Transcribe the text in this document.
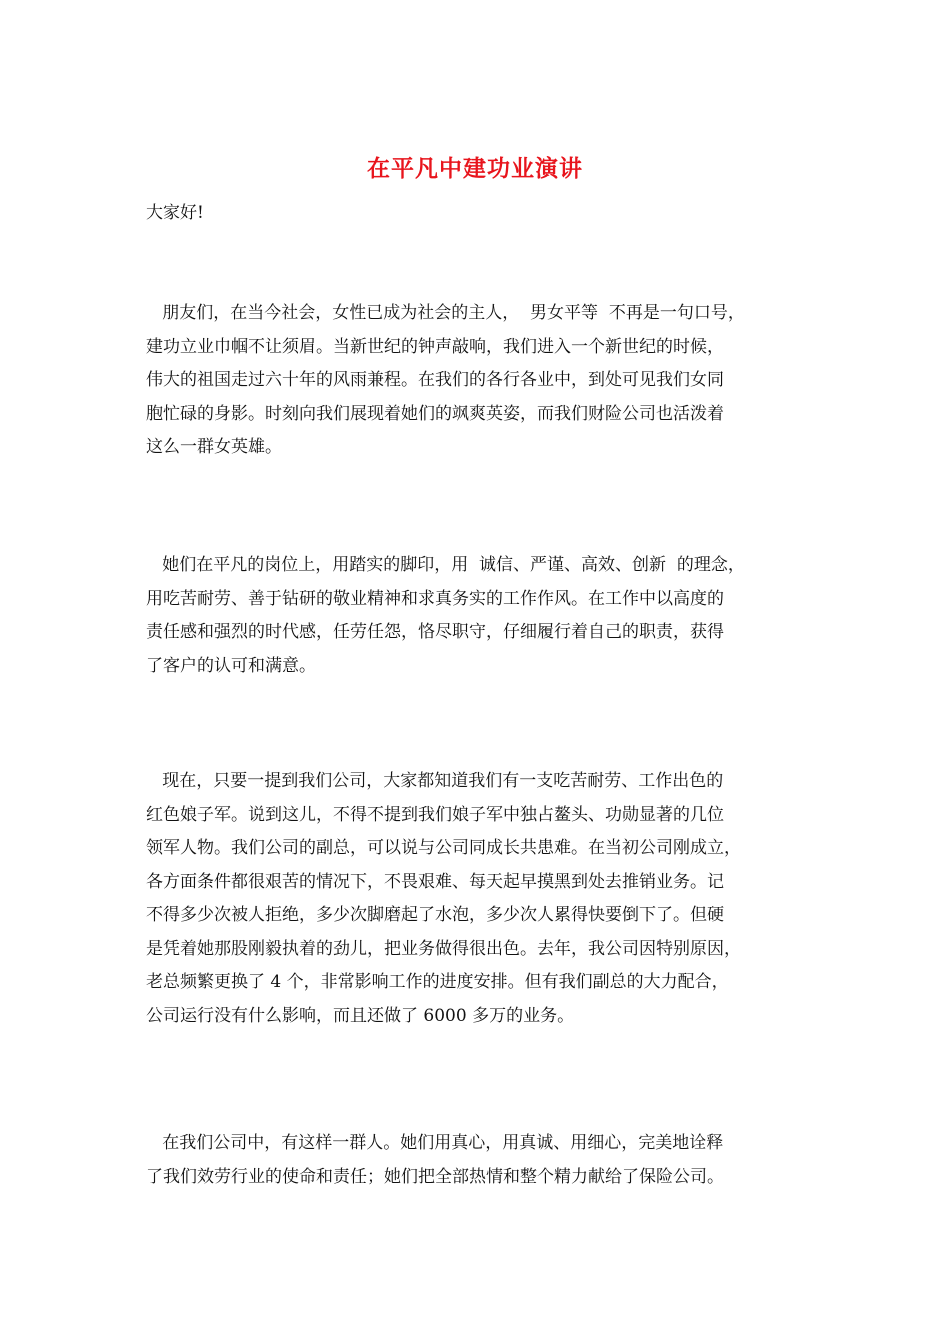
在平凡中建功业演讲
大家好!
朋友们，在当今社会，女性已成为社会的主人，  男女平等  不再是一句口号，
建功立业巾帼不让须眉。当新世纪的钟声敲响，我们进入一个新世纪的时候，
伟大的祖国走过六十年的风雨兼程。在我们的各行各业中，到处可见我们女同
胞忙碌的身影。时刻向我们展现着她们的飒爽英姿，而我们财险公司也活泼着
这么一群女英雄。
她们在平凡的岗位上，用踏实的脚印，用  诚信、严谨、高效、创新  的理念，
用吃苦耐劳、善于钻研的敬业精神和求真务实的工作作风。在工作中以高度的
责任感和强烈的时代感，任劳任怨，恪尽职守，仔细履行着自己的职责，获得
了客户的认可和满意。
现在，只要一提到我们公司，大家都知道我们有一支吃苦耐劳、工作出色的
红色娘子军。说到这儿，不得不提到我们娘子军中独占鳌头、功勋显著的几位
领军人物。我们公司的副总，可以说与公司同成长共患难。在当初公司刚成立，
各方面条件都很艰苦的情况下，不畏艰难、每天起早摸黑到处去推销业务。记
不得多少次被人拒绝，多少次脚磨起了水泡，多少次人累得快要倒下了。但硬
是凭着她那股刚毅执着的劲儿，把业务做得很出色。去年，我公司因特别原因，
老总频繁更换了 4 个，非常影响工作的进度安排。但有我们副总的大力配合，
公司运行没有什么影响，而且还做了 6000 多万的业务。
在我们公司中，有这样一群人。她们用真心，用真诚、用细心，完美地诠释
了我们效劳行业的使命和责任；她们把全部热情和整个精力献给了保险公司。
